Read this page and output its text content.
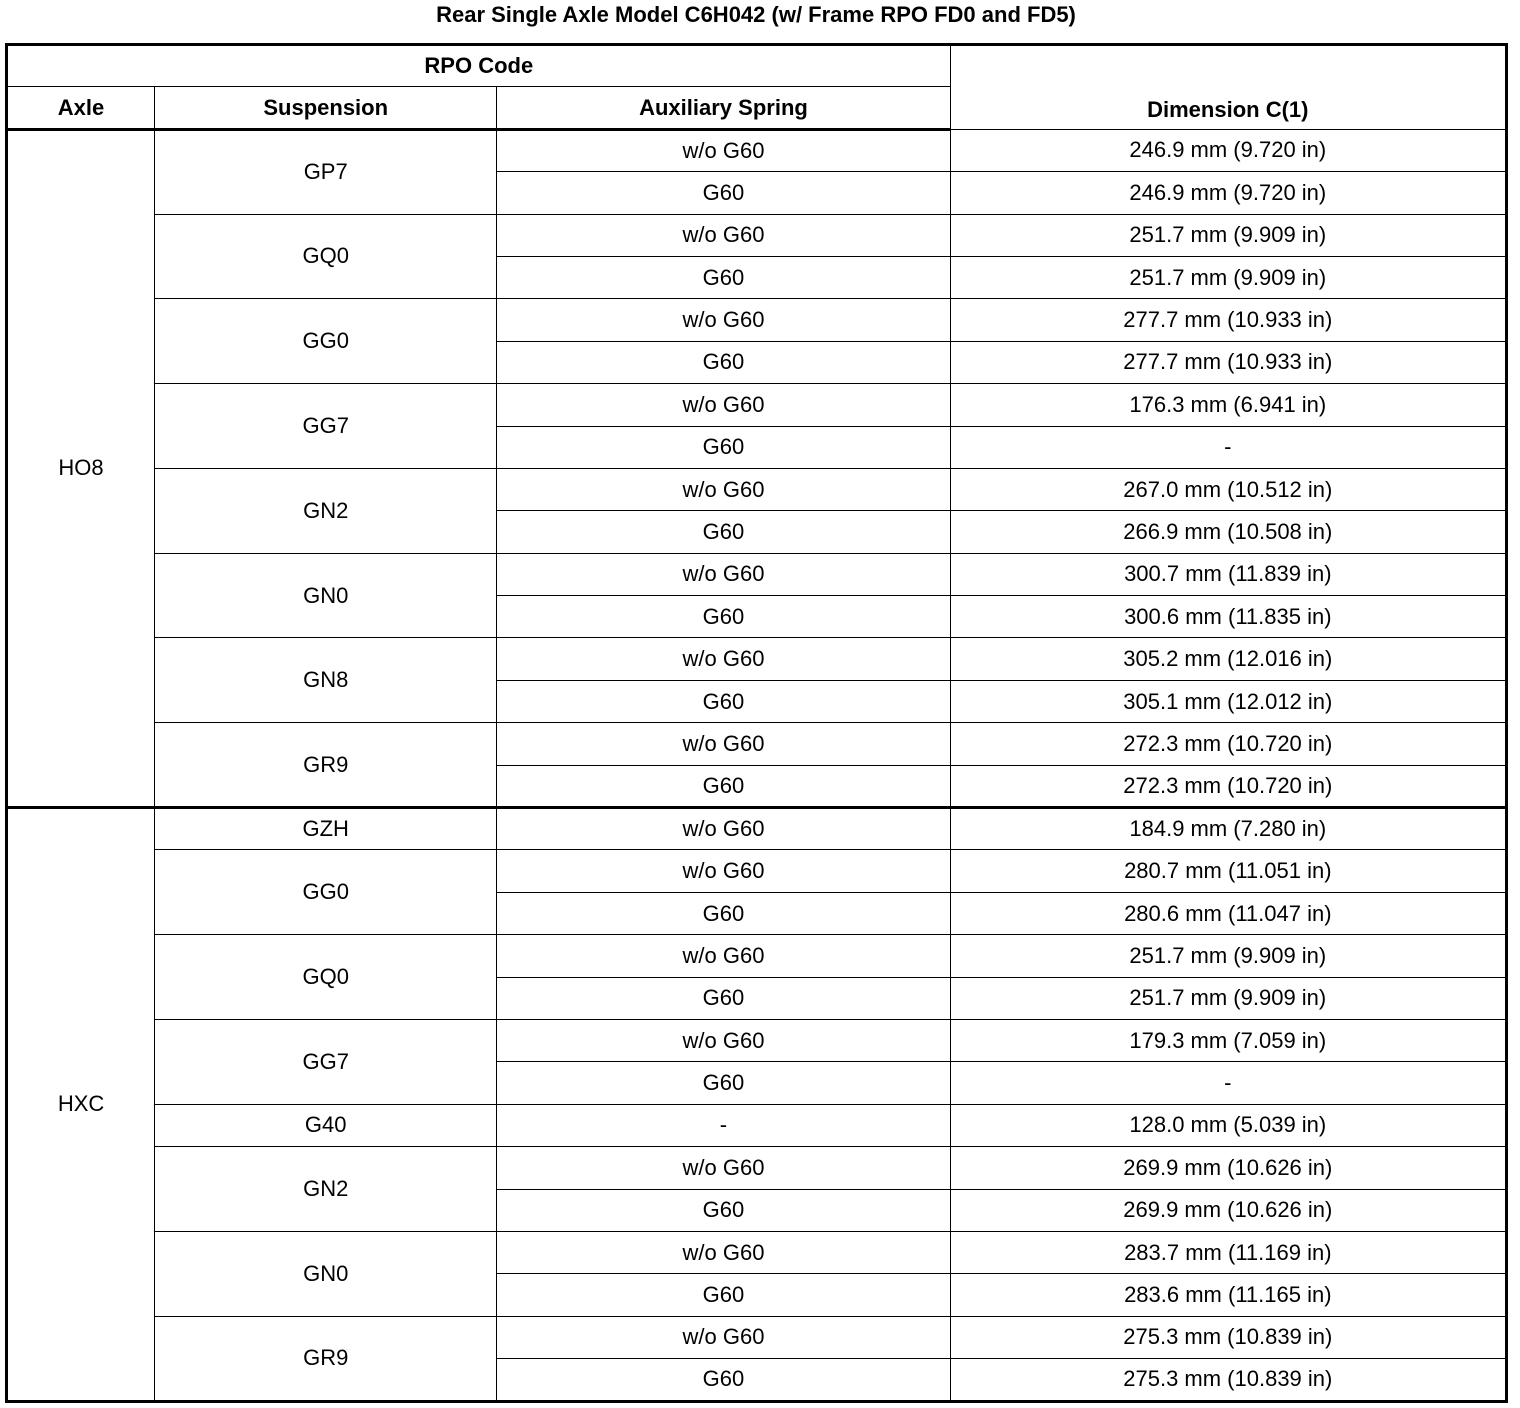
Rear Single Axle Model C6H042 (w/ Frame RPO FD0 and FD5)
RPO Code			Dimension C(1)
Axle	Suspension	Auxiliary Spring	
HO8	GP7	w/o G60	246.9 mm (9.720 in)
		G60	246.9 mm (9.720 in)
	GQ0	w/o G60	251.7 mm (9.909 in)
		G60	251.7 mm (9.909 in)
	GG0	w/o G60	277.7 mm (10.933 in)
		G60	277.7 mm (10.933 in)
	GG7	w/o G60	176.3 mm (6.941 in)
		G60	-
	GN2	w/o G60	267.0 mm (10.512 in)
		G60	266.9 mm (10.508 in)
	GN0	w/o G60	300.7 mm (11.839 in)
		G60	300.6 mm (11.835 in)
	GN8	w/o G60	305.2 mm (12.016 in)
		G60	305.1 mm (12.012 in)
	GR9	w/o G60	272.3 mm (10.720 in)
		G60	272.3 mm (10.720 in)
HXC	GZH	w/o G60	184.9 mm (7.280 in)
	GG0	w/o G60	280.7 mm (11.051 in)
		G60	280.6 mm (11.047 in)
	GQ0	w/o G60	251.7 mm (9.909 in)
		G60	251.7 mm (9.909 in)
	GG7	w/o G60	179.3 mm (7.059 in)
		G60	-
	G40	-	128.0 mm (5.039 in)
	GN2	w/o G60	269.9 mm (10.626 in)
		G60	269.9 mm (10.626 in)
	GN0	w/o G60	283.7 mm (11.169 in)
		G60	283.6 mm (11.165 in)
	GR9	w/o G60	275.3 mm (10.839 in)
		G60	275.3 mm (10.839 in)
